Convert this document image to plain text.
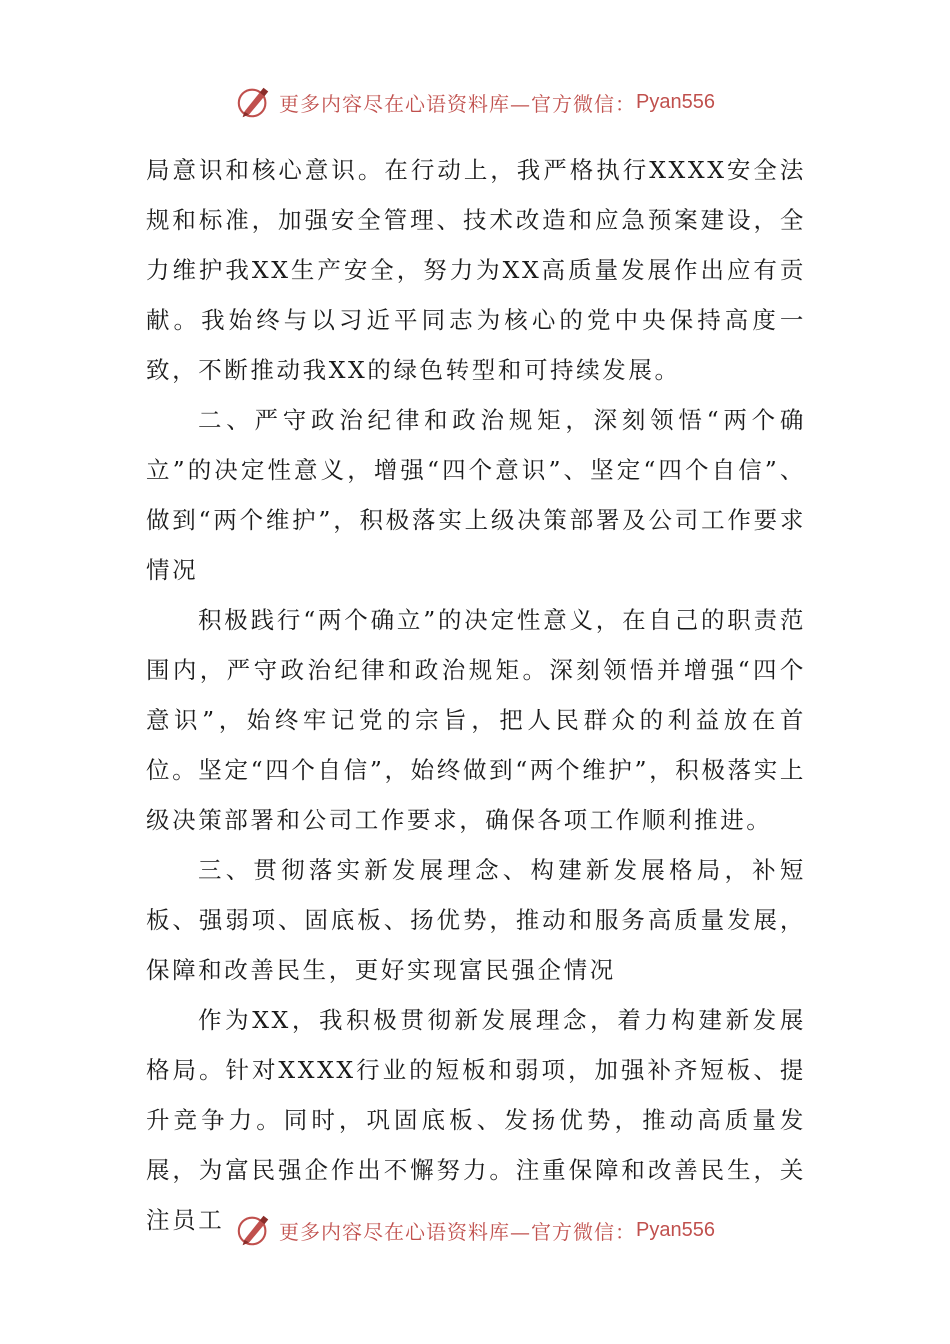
更多内容尽在心语资料库—官方微信： Pyan556

局意识和核心意识。在行动上，我严格执行XXXX安全法规和标准，加强安全管理、技术改造和应急预案建设，全力维护我XX生产安全，努力为XX高质量发展作出应有贡献。我始终与以习近平同志为核心的党中央保持高度一致，不断推动我XX的绿色转型和可持续发展。

二、严守政治纪律和政治规矩，深刻领悟“两个确立”的决定性意义，增强“四个意识”、坚定“四个自信”、做到“两个维护”，积极落实上级决策部署及公司工作要求情况

积极践行“两个确立”的决定性意义，在自己的职责范围内，严守政治纪律和政治规矩。深刻领悟并增强“四个意识”，始终牢记党的宗旨，把人民群众的利益放在首位。坚定“四个自信”，始终做到“两个维护”，积极落实上级决策部署和公司工作要求，确保各项工作顺利推进。

三、贯彻落实新发展理念、构建新发展格局，补短板、强弱项、固底板、扬优势，推动和服务高质量发展，保障和改善民生，更好实现富民强企情况

作为XX，我积极贯彻新发展理念，着力构建新发展格局。针对XXXX行业的短板和弱项，加强补齐短板、提升竞争力。同时，巩固底板、发扬优势，推动高质量发展，为富民强企作出不懈努力。注重保障和改善民生，关注员工	更多内容尽在心语资料库—官方微信： Pyan556
